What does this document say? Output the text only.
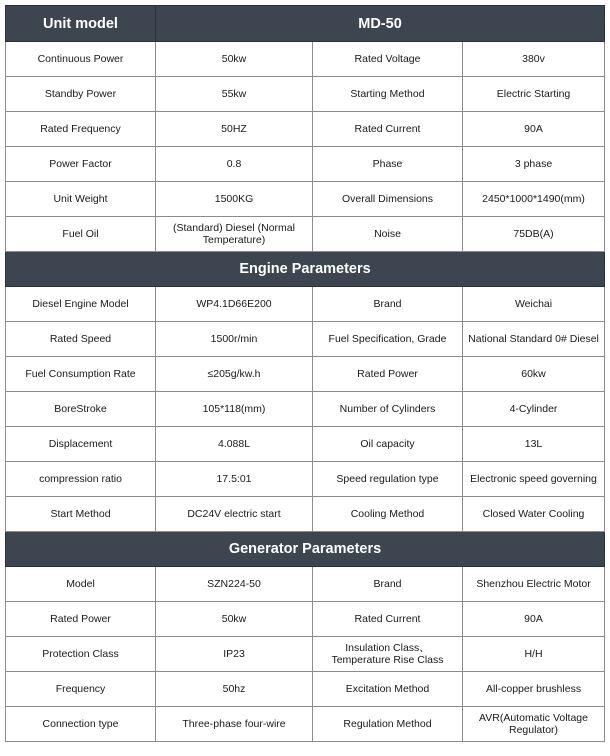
Unit model	MD-50		
Continuous Power	50kw	Rated Voltage	380v
Standby Power	55kw	Starting Method	Electric Starting
Rated Frequency	50HZ	Rated Current	90A
Power Factor	0.8	Phase	3 phase
Unit Weight	1500KG	Overall Dimensions	2450*1000*1490(mm)
Fuel Oil	(Standard) Diesel (Normal Temperature)	Noise	75DB(A)
Engine Parameters			
Diesel Engine Model	WP4.1D66E200	Brand	Weichai
Rated Speed	1500r/min	Fuel Specification, Grade	National Standard 0# Diesel
Fuel Consumption Rate	≤205g/kw.h	Rated Power	60kw
BoreStroke	105*118(mm)	Number of Cylinders	4-Cylinder
Displacement	4.088L	Oil capacity	13L
compression ratio	17.5:01	Speed regulation type	Electronic speed governing
Start Method	DC24V electric start	Cooling Method	Closed Water Cooling
Generator Parameters			
Model	SZN224-50	Brand	Shenzhou Electric Motor
Rated Power	50kw	Rated Current	90A
Protection Class	IP23	Insulation Class、Temperature Rise Class	H/H
Frequency	50hz	Excitation Method	All-copper brushless
Connection type	Three-phase four-wire	Regulation Method	AVR(Automatic Voltage Regulator)
